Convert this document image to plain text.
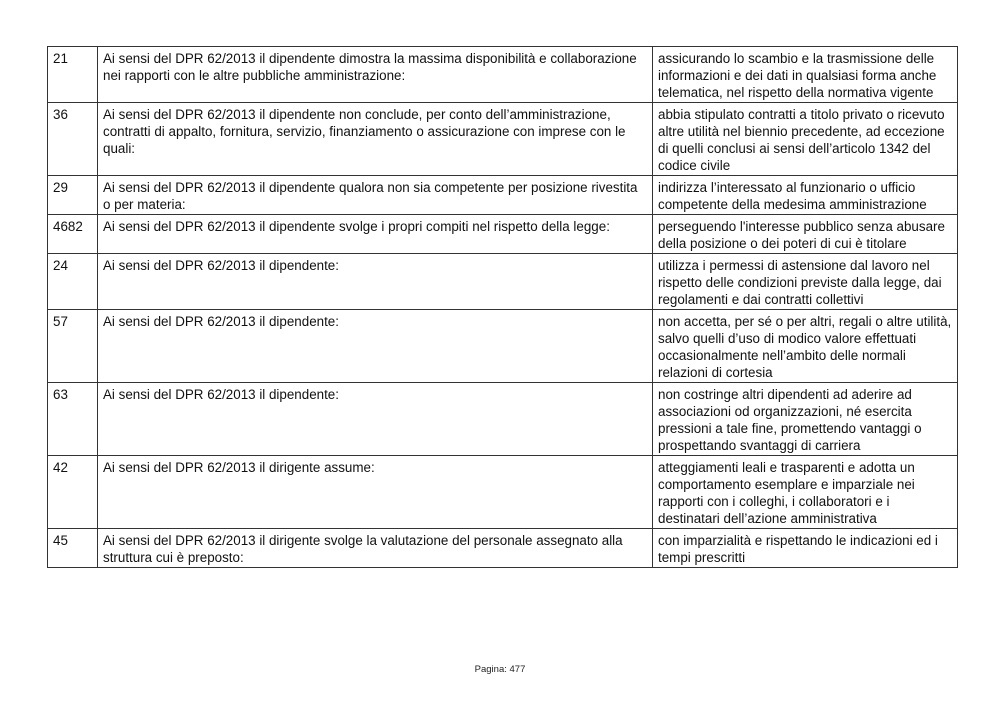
21	Ai sensi del DPR 62/2013 il dipendente dimostra la massima disponibilità e collaborazione nei rapporti con le altre pubbliche amministrazione:	assicurando lo scambio e la trasmissione delle informazioni e dei dati in qualsiasi forma anche telematica, nel rispetto della normativa vigente
36	Ai sensi del DPR 62/2013 il dipendente non conclude, per conto dell’amministrazione, contratti di appalto, fornitura, servizio, finanziamento o assicurazione con imprese con le quali:	abbia stipulato contratti a titolo privato o ricevuto altre utilità nel biennio precedente, ad eccezione di quelli conclusi ai sensi dell’articolo 1342 del codice civile
29	Ai sensi del DPR 62/2013 il dipendente qualora non sia competente per posizione rivestita o per materia:	indirizza l’interessato al funzionario o ufficio competente della medesima amministrazione
4682	Ai sensi del DPR 62/2013 il dipendente svolge i propri compiti nel rispetto della legge:	perseguendo l'interesse pubblico senza abusare della posizione o dei poteri di cui è titolare
24	Ai sensi del DPR 62/2013 il dipendente:	utilizza i permessi di astensione dal lavoro nel rispetto delle condizioni previste dalla legge, dai regolamenti e dai contratti collettivi
57	Ai sensi del DPR 62/2013 il dipendente:	non accetta, per sé o per altri, regali o altre utilità, salvo quelli d’uso di modico valore effettuati occasionalmente nell’ambito delle normali relazioni di cortesia
63	Ai sensi del DPR 62/2013 il dipendente:	non costringe altri dipendenti ad aderire ad associazioni od organizzazioni, né esercita pressioni a tale fine, promettendo vantaggi o prospettando svantaggi di carriera
42	Ai sensi del DPR 62/2013 il dirigente assume:	atteggiamenti leali e trasparenti e adotta un comportamento esemplare e imparziale nei rapporti con i colleghi, i collaboratori e i destinatari dell’azione amministrativa
45	Ai sensi del DPR 62/2013 il dirigente svolge la valutazione del personale assegnato alla struttura cui è preposto:	con imparzialità e rispettando le indicazioni ed i tempi prescritti
Pagina: 477
